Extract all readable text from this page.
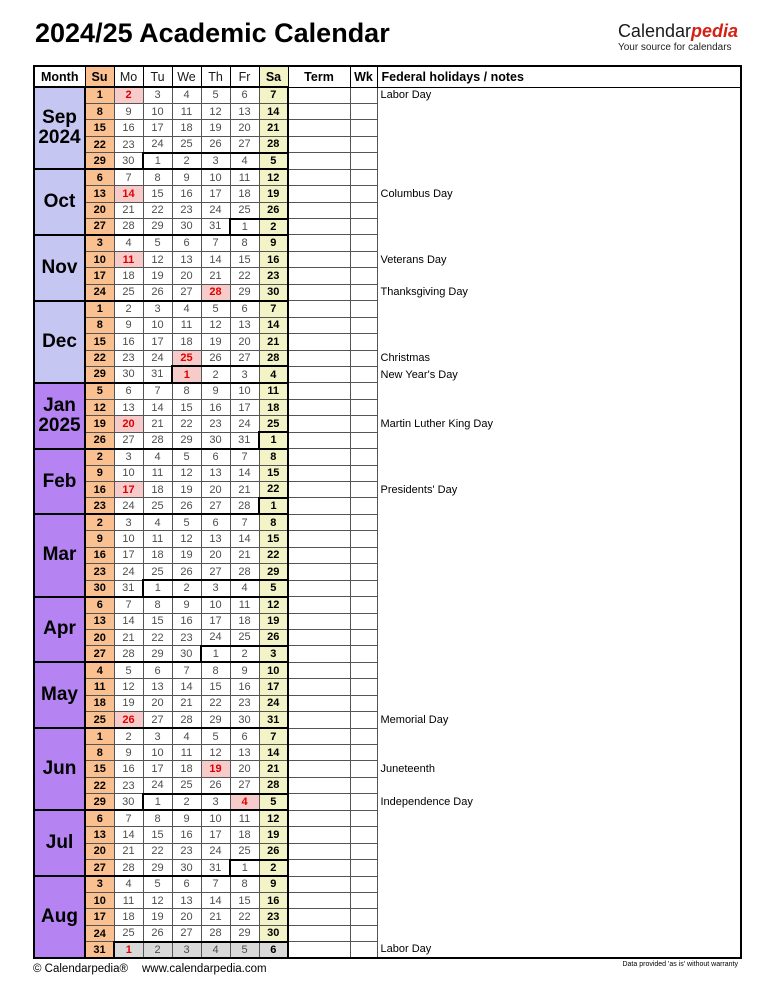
2024/25 Academic Calendar	Calendarpedia
Your source for calendars
Month	Su	Mo	Tu	We	Th	Fr	Sa	Term	Wk	Federal holidays / notes

Sep
2024	1	2	3	4	5	6	7			Labor Day
	8	9	10	11	12	13	14			
	15	16	17	18	19	20	21			
	22	23	24	25	26	27	28			
	29	30	1	2	3	4	5			

Oct	6	7	8	9	10	11	12			
	13	14	15	16	17	18	19			Columbus Day
	20	21	22	23	24	25	26			
	27	28	29	30	31	1	2			

Nov	3	4	5	6	7	8	9			
	10	11	12	13	14	15	16			Veterans Day
	17	18	19	20	21	22	23			
	24	25	26	27	28	29	30			Thanksgiving Day

Dec	1	2	3	4	5	6	7			
	8	9	10	11	12	13	14			
	15	16	17	18	19	20	21			
	22	23	24	25	26	27	28			Christmas
	29	30	31	1	2	3	4			New Year's Day

Jan
2025	5	6	7	8	9	10	11			
	12	13	14	15	16	17	18			
	19	20	21	22	23	24	25			Martin Luther King Day
	26	27	28	29	30	31	1			

Feb	2	3	4	5	6	7	8			
	9	10	11	12	13	14	15			
	16	17	18	19	20	21	22			Presidents' Day
	23	24	25	26	27	28	1			

Mar	2	3	4	5	6	7	8			
	9	10	11	12	13	14	15			
	16	17	18	19	20	21	22			
	23	24	25	26	27	28	29			
	30	31	1	2	3	4	5			

Apr	6	7	8	9	10	11	12			
	13	14	15	16	17	18	19			
	20	21	22	23	24	25	26			
	27	28	29	30	1	2	3			

May	4	5	6	7	8	9	10			
	11	12	13	14	15	16	17			
	18	19	20	21	22	23	24			
	25	26	27	28	29	30	31			Memorial Day

Jun	1	2	3	4	5	6	7			
	8	9	10	11	12	13	14			
	15	16	17	18	19	20	21			Juneteenth
	22	23	24	25	26	27	28			
	29	30	1	2	3	4	5			Independence Day

Jul	6	7	8	9	10	11	12			
	13	14	15	16	17	18	19			
	20	21	22	23	24	25	26			
	27	28	29	30	31	1	2			

Aug	3	4	5	6	7	8	9			
	10	11	12	13	14	15	16			
	17	18	19	20	21	22	23			
	24	25	26	27	28	29	30			
	31	1	2	3	4	5	6			Labor Day
© Calendarpedia® www.calendarpedia.com	Data provided 'as is' without warranty
